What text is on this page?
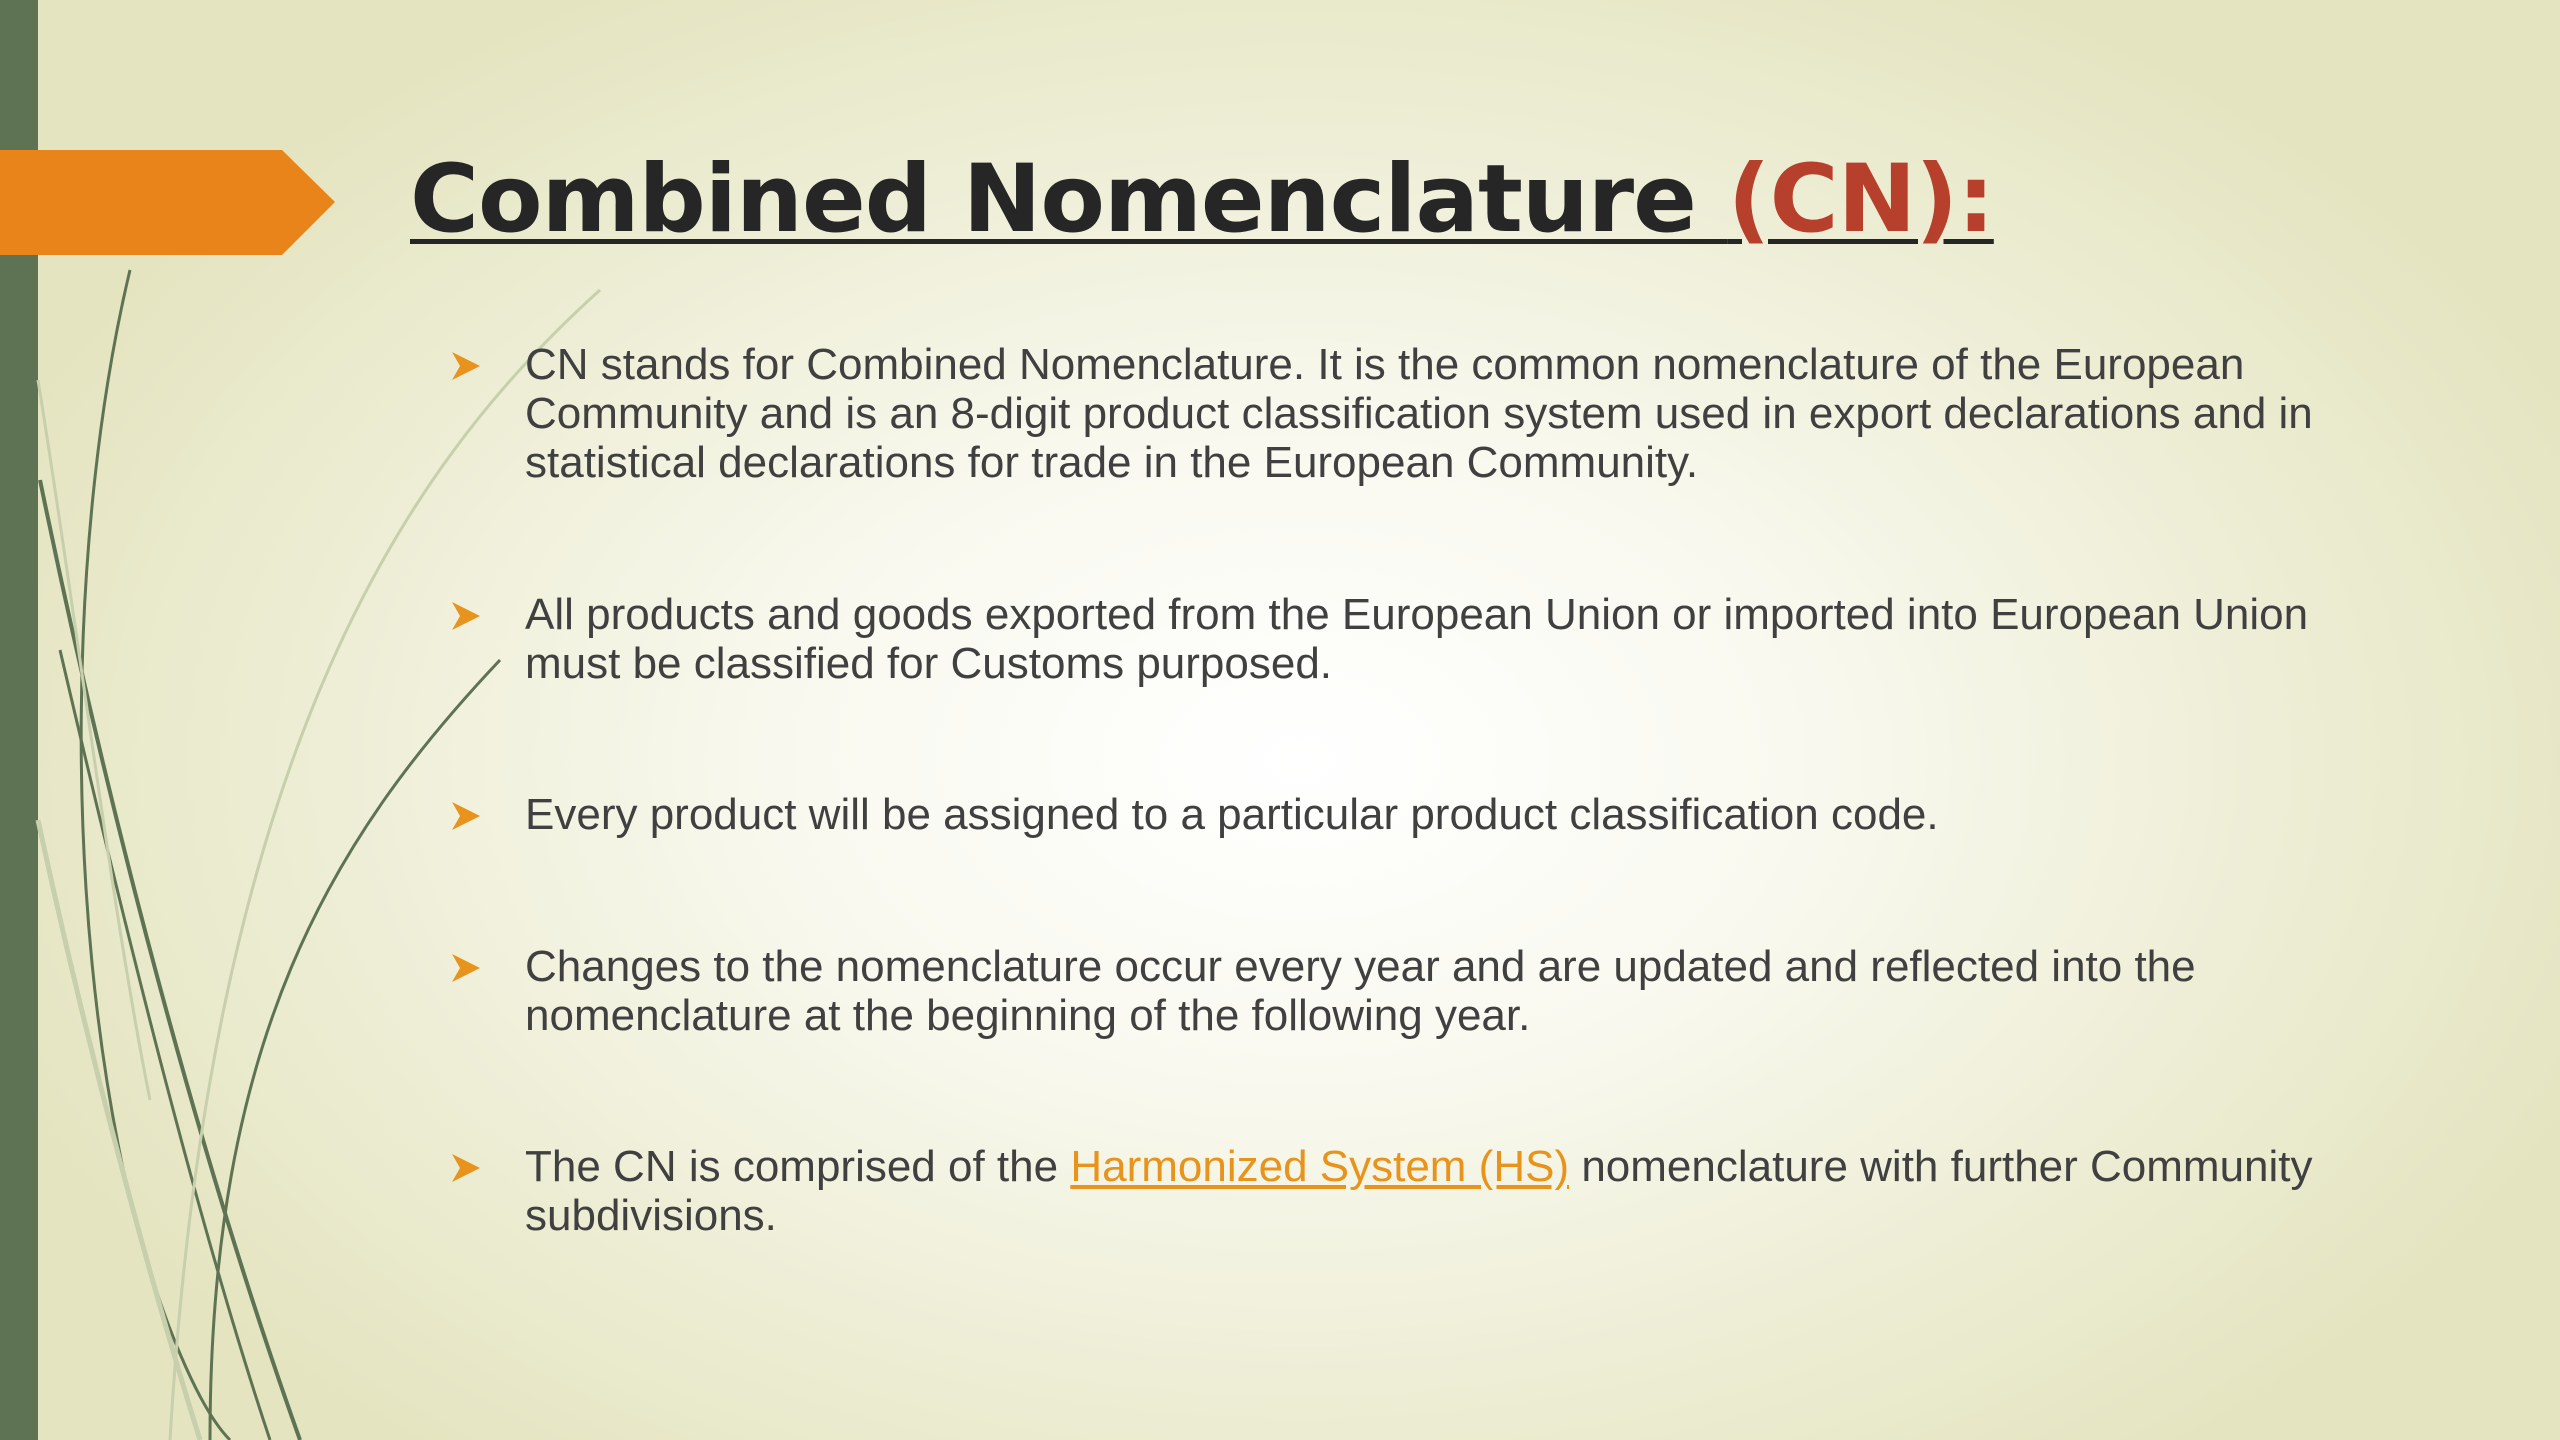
Combined Nomenclature (CN):
CN stands for Combined Nomenclature. It is the common nomenclature of the European Community and is an 8-digit product classification system used in export declarations and in statistical declarations for trade in the European Community.
All products and goods exported from the European Union or imported into European Union must be classified for Customs purposed.
Every product will be assigned to a particular product classification code.
Changes to the nomenclature occur every year and are updated and reflected into the nomenclature at the beginning of the following year.
The CN is comprised of the Harmonized System (HS) nomenclature with further Community subdivisions.
